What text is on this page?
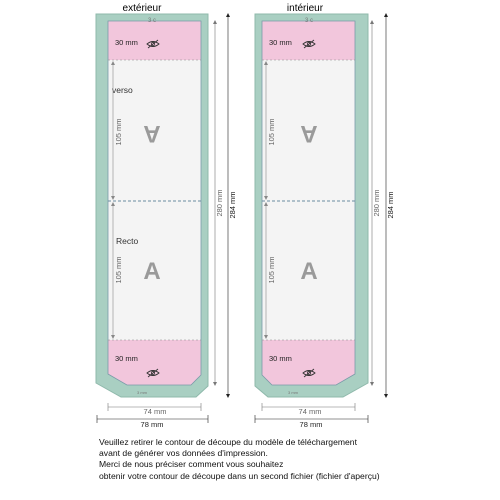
extérieur
3 c
3 mm
30 mm
30 mm
verso
Recto
A
A
105 mm
105 mm
280 mm 284 mm
74 mm
78 mm
intérieur
3 c
3 mm
30 mm
30 mm
A
A
105 mm
105 mm
280 mm 284 mm
74 mm
78 mm
Veuillez retirer le contour de découpe du modèle de téléchargement
avant de générer vos données d'impression.
Merci de nous préciser comment vous souhaitez
obtenir votre contour de découpe dans un second fichier (fichier d'aperçu)
